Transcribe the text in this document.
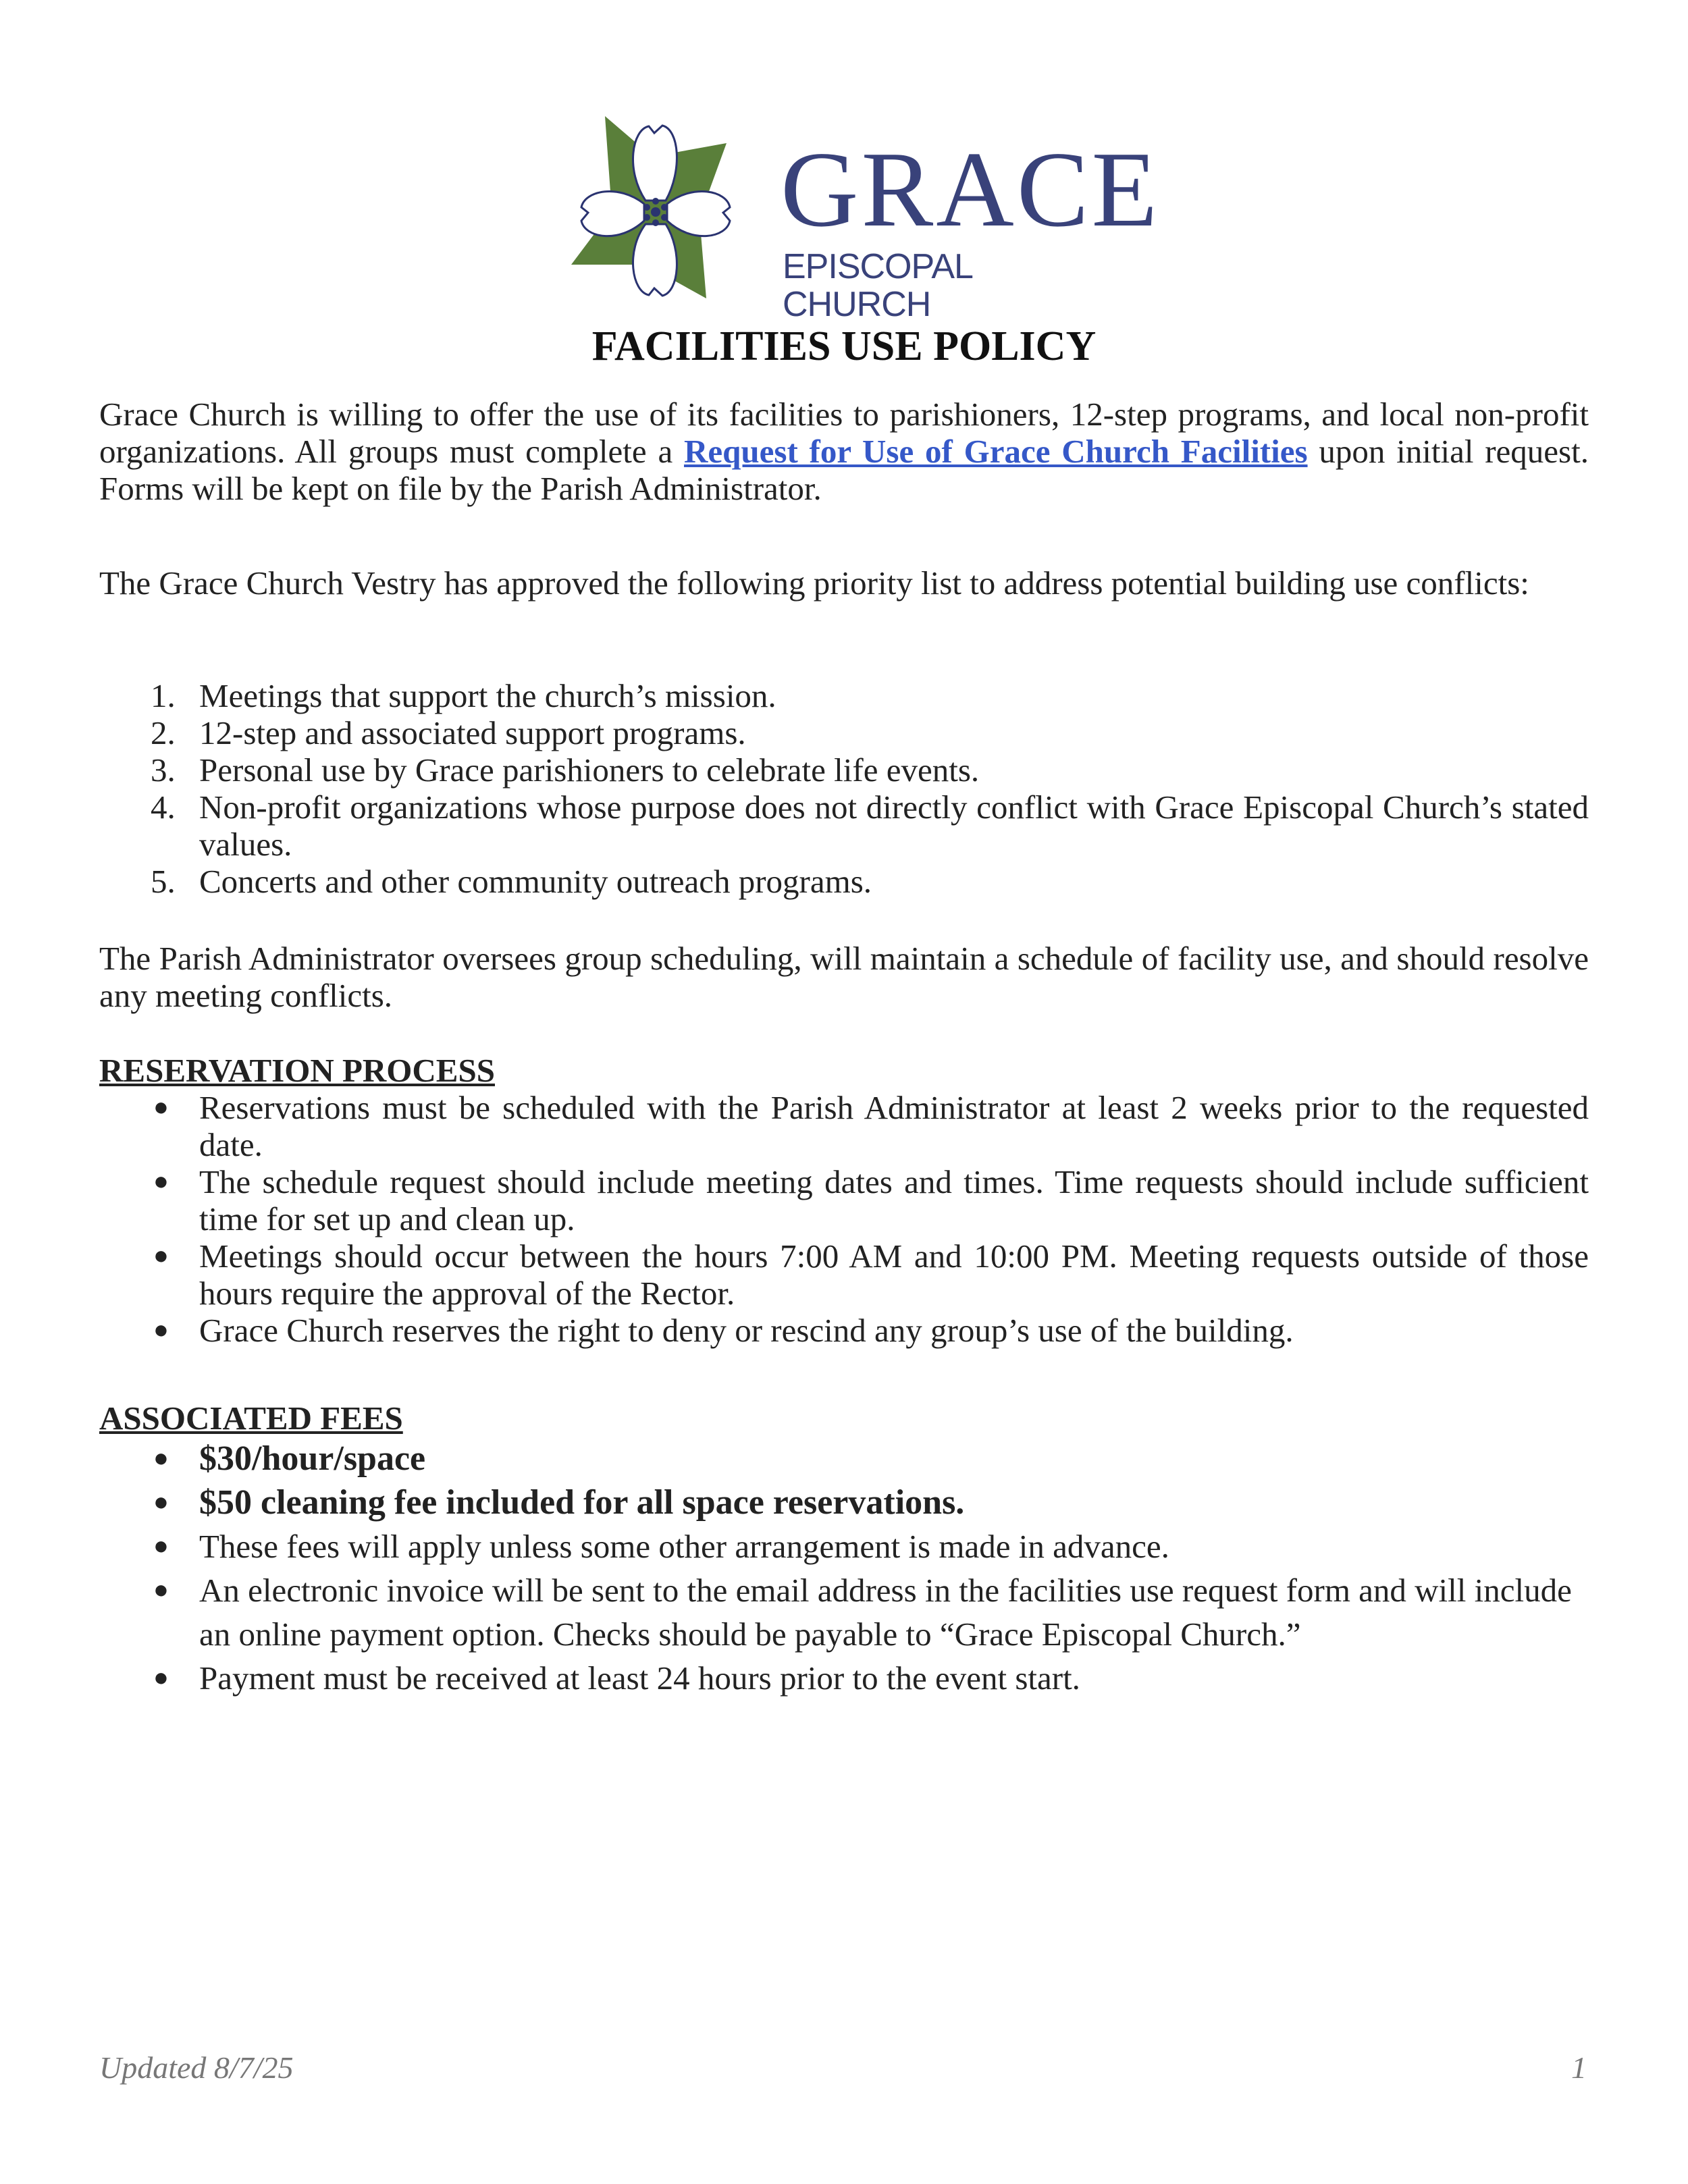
GRACE
EPISCOPAL CHURCH
FACILITIES USE POLICY

Grace Church is willing to offer the use of its facilities to parishioners, 12-step programs, and local non-profit organizations. All groups must complete a Request for Use of Grace Church Facilities upon initial request. Forms will be kept on file by the Parish Administrator.

The Grace Church Vestry has approved the following priority list to address potential building use conflicts:

1. Meetings that support the church’s mission.
2. 12-step and associated support programs.
3. Personal use by Grace parishioners to celebrate life events.
4. Non-profit organizations whose purpose does not directly conflict with Grace Episcopal Church’s stated values.
5. Concerts and other community outreach programs.

The Parish Administrator oversees group scheduling, will maintain a schedule of facility use, and should resolve any meeting conflicts.

RESERVATION PROCESS
● Reservations must be scheduled with the Parish Administrator at least 2 weeks prior to the requested date.
● The schedule request should include meeting dates and times. Time requests should include sufficient time for set up and clean up.
● Meetings should occur between the hours 7:00 AM and 10:00 PM. Meeting requests outside of those hours require the approval of the Rector.
● Grace Church reserves the right to deny or rescind any group’s use of the building.
ASSOCIATED FEES
● $30/hour/space
● $50 cleaning fee included for all space reservations.
● These fees will apply unless some other arrangement is made in advance.
● An electronic invoice will be sent to the email address in the facilities use request form and will include an online payment option. Checks should be payable to “Grace Episcopal Church.”
● Payment must be received at least 24 hours prior to the event start.
Updated 8/7/25	1
